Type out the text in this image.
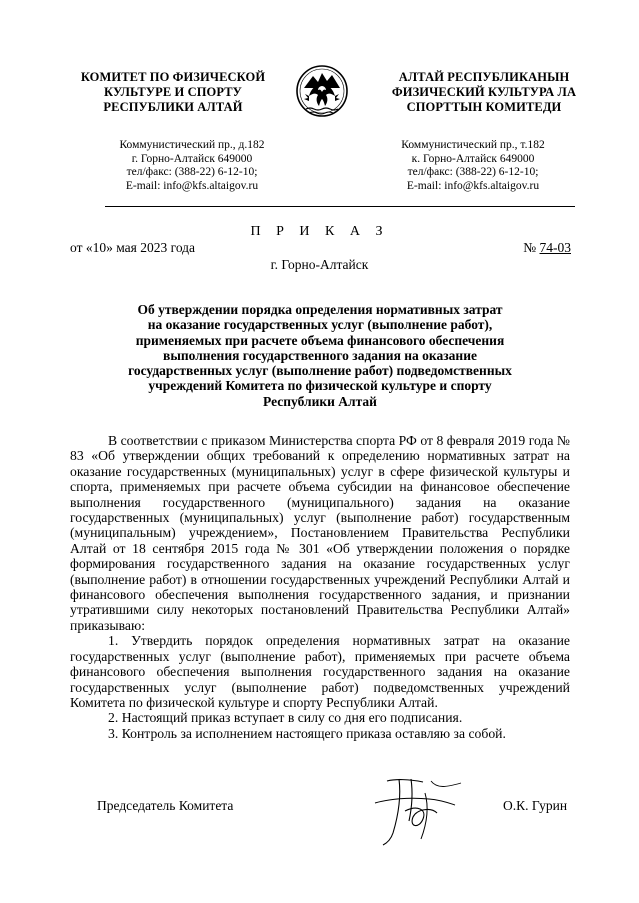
КОМИТЕТ ПО ФИЗИЧЕСКОЙ
КУЛЬТУРЕ И СПОРТУ
РЕСПУБЛИКИ АЛТАЙ
АЛТАЙ РЕСПУБЛИКАНЫН
ФИЗИЧЕСКИЙ КУЛЬТУРА ЛА
СПОРТТЫН КОМИТЕДИ
Коммунистический пр., д.182
г. Горно-Алтайск 649000
тел/факс: (388-22) 6-12-10;
E-mail: info@kfs.altaigov.ru
Коммунистический пр., т.182
к. Горно-Алтайск 649000
тел/факс: (388-22) 6-12-10;
E-mail: info@kfs.altaigov.ru
П Р И К А З
от «10» мая 2023 года	№ 74-03
г. Горно-Алтайск
Об утверждении порядка определения нормативных затрат
на оказание государственных услуг (выполнение работ),
применяемых при расчете объема финансового обеспечения
выполнения государственного задания на оказание
государственных услуг (выполнение работ) подведомственных
учреждений Комитета по физической культуре и спорту
Республики Алтай

В соответствии с приказом Министерства спорта РФ от 8 февраля 2019 года № 83 «Об утверждении общих требований к определению нормативных затрат на оказание государственных (муниципальных) услуг в сфере физической культуры и спорта, применяемых при расчете объема субсидии на финансовое обеспечение выполнения государственного (муниципального) задания на оказание государственных (муниципальных) услуг (выполнение работ) государственным (муниципальным) учреждением», Постановлением Правительства Республики Алтай от 18 сентября 2015 года № 301 «Об утверждении положения о порядке формирования государственного задания на оказание государственных услуг (выполнение работ) в отношении государственных учреждений Республики Алтай и финансового обеспечения выполнения государственного задания, и признании утратившими силу некоторых постановлений Правительства Республики Алтай» приказываю:

1. Утвердить порядок определения нормативных затрат на оказание государственных услуг (выполнение работ), применяемых при расчете объема финансового обеспечения выполнения государственного задания на оказание государственных услуг (выполнение работ) подведомственных учреждений Комитета по физической культуре и спорту Республики Алтай.

2. Настоящий приказ вступает в силу со дня его подписания.

3. Контроль за исполнением настоящего приказа оставляю за собой.

Председатель Комитета	О.К. Гурин
